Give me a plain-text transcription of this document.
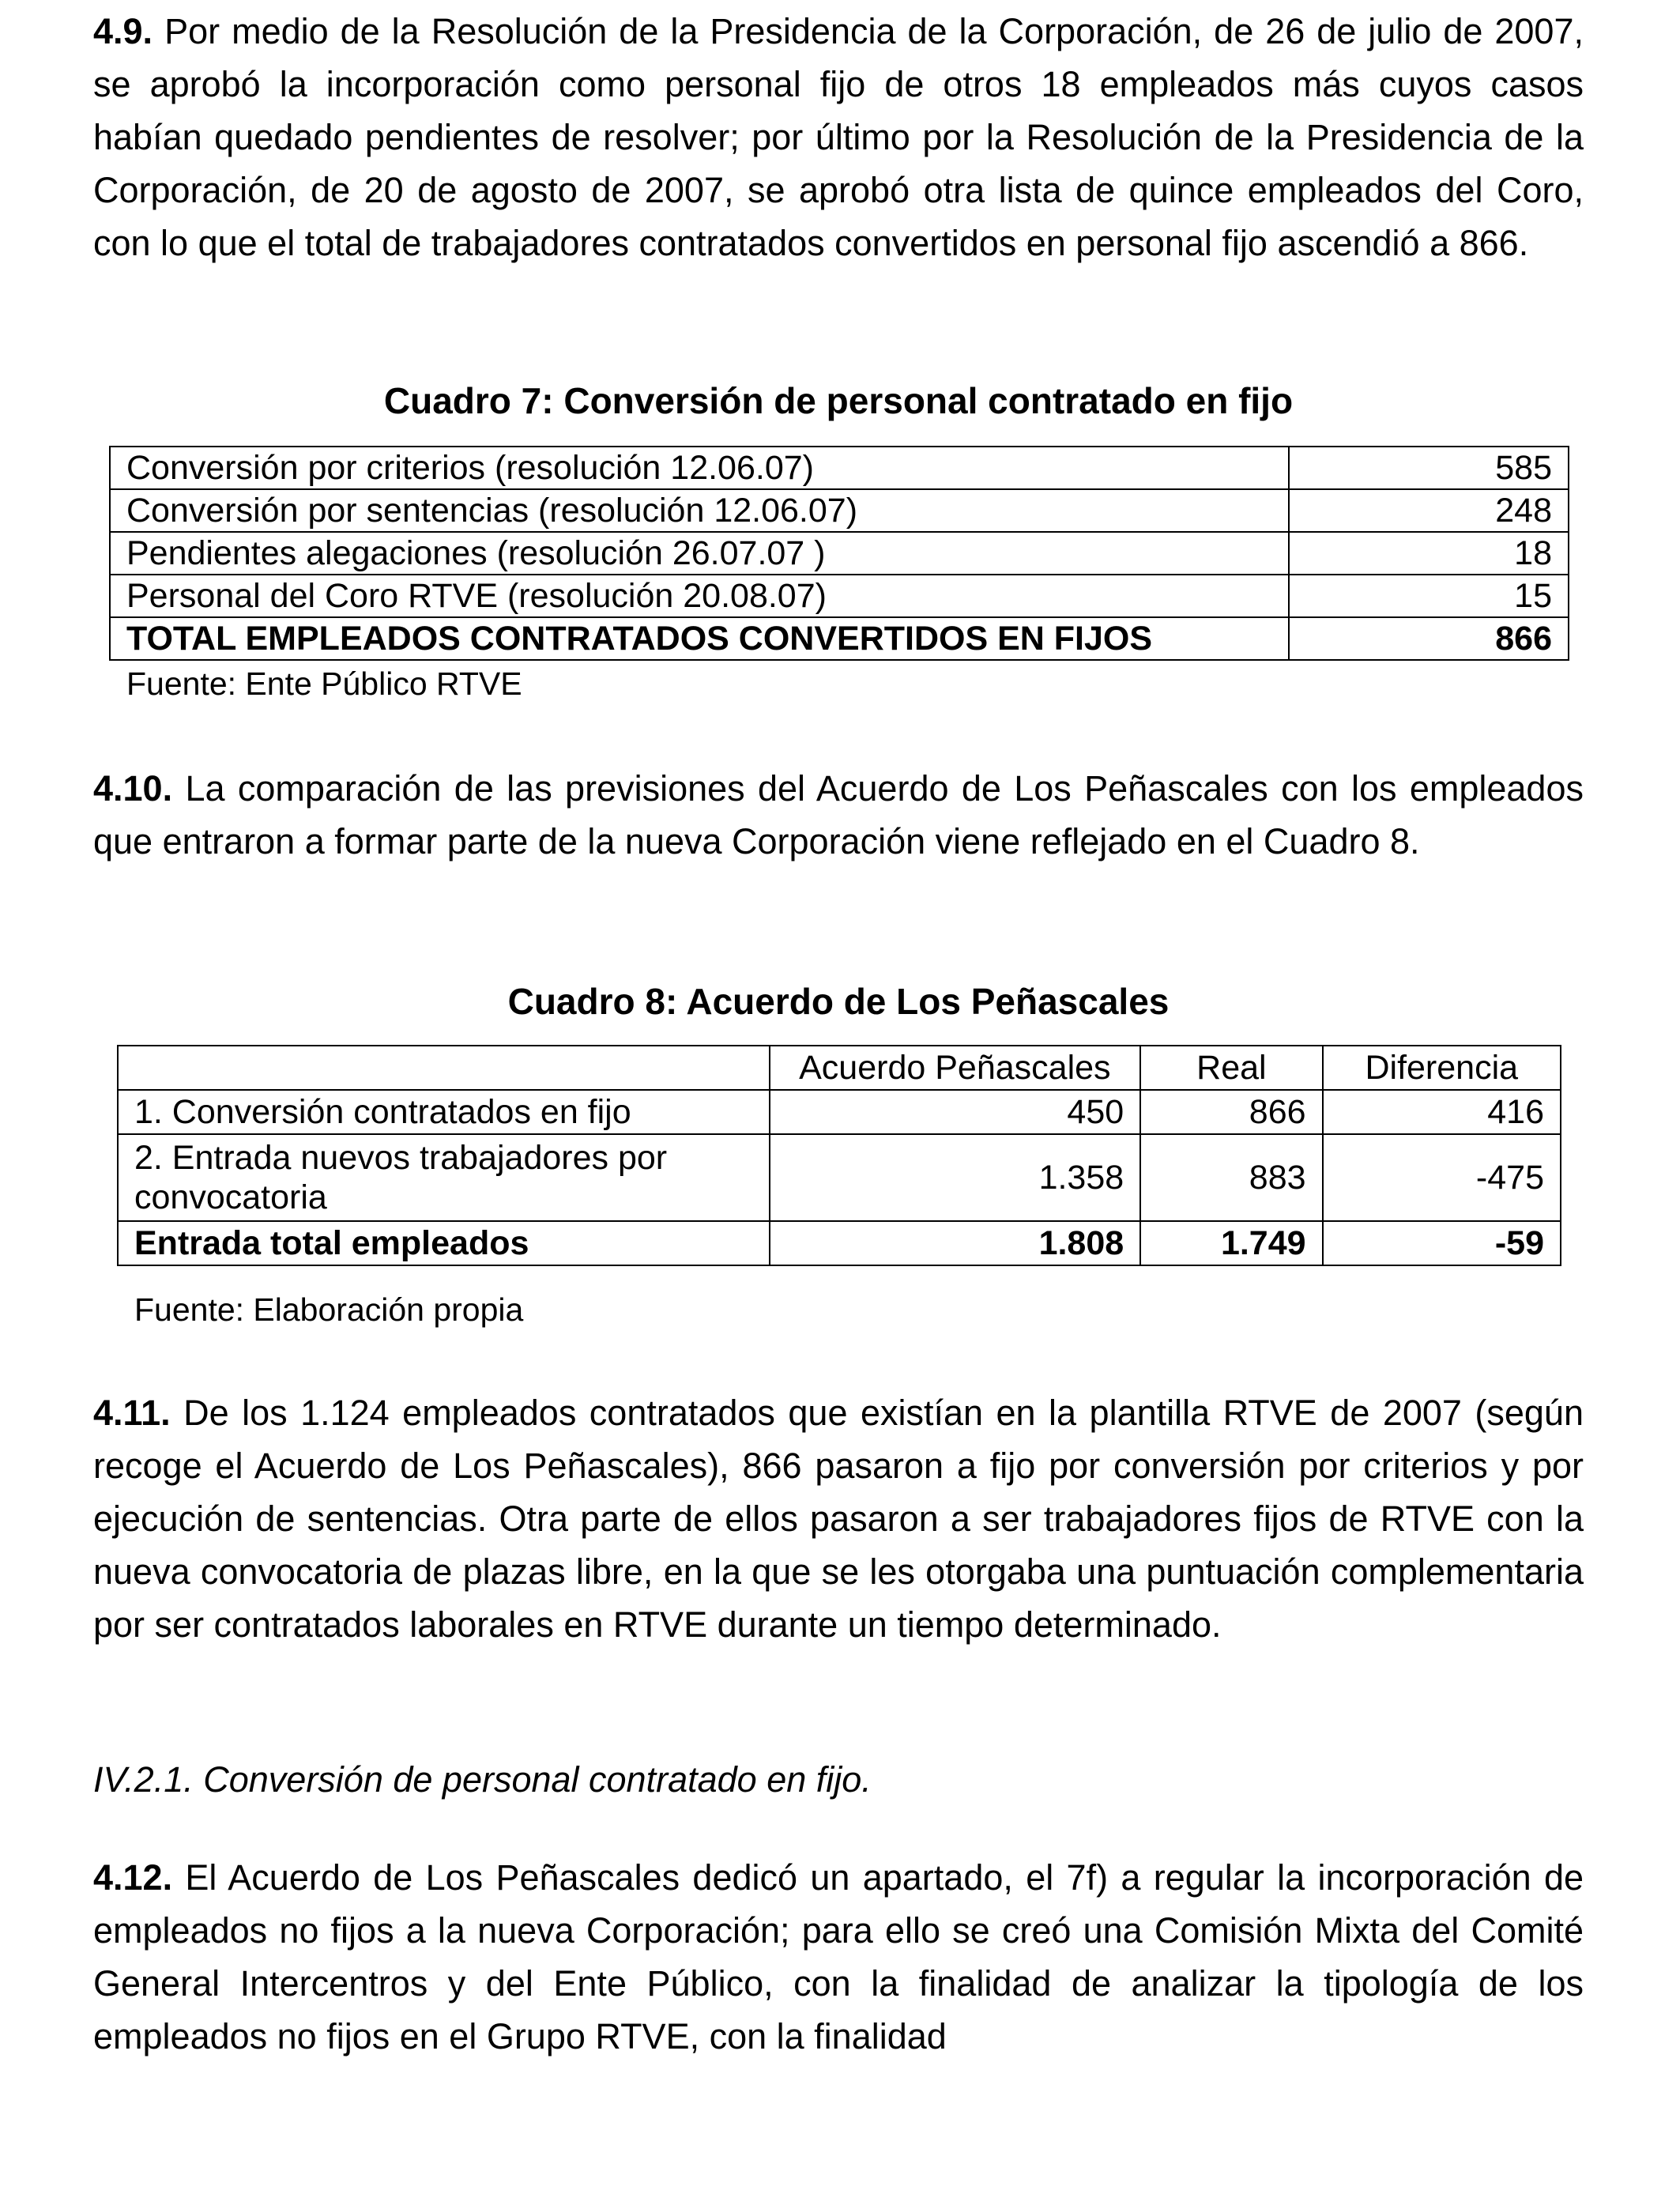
4.9. Por medio de la Resolución de la Presidencia de la Corporación, de 26 de julio de 2007, se aprobó la incorporación como personal fijo de otros 18 empleados más cuyos casos habían quedado pendientes de resolver; por último por la Resolución de la Presidencia de la Corporación, de 20 de agosto de 2007, se aprobó otra lista de quince empleados del Coro, con lo que el total de trabajadores contratados convertidos en personal fijo ascendió a 866.
Cuadro 7: Conversión de personal contratado en fijo
Conversión por criterios (resolución 12.06.07)	585
Conversión por sentencias (resolución 12.06.07)	248
Pendientes alegaciones (resolución 26.07.07 )	18
Personal del Coro RTVE (resolución 20.08.07)	15
TOTAL EMPLEADOS CONTRATADOS CONVERTIDOS EN FIJOS	866
Fuente: Ente Público RTVE
4.10. La comparación de las previsiones del Acuerdo de Los Peñascales con los empleados que entraron a formar parte de la nueva Corporación viene reflejado en el Cuadro 8.
Cuadro 8: Acuerdo de Los Peñascales
	Acuerdo Peñascales	Real	Diferencia
1. Conversión contratados en fijo	450	866	416
2. Entrada nuevos trabajadores por convocatoria	1.358	883	-475
Entrada total empleados	1.808	1.749	-59
Fuente: Elaboración propia
4.11. De los 1.124 empleados contratados que existían en la plantilla RTVE de 2007 (según recoge el Acuerdo de Los Peñascales), 866 pasaron a fijo por conversión por criterios y por ejecución de sentencias. Otra parte de ellos pasaron a ser trabajadores fijos de RTVE con la nueva convocatoria de plazas libre, en la que se les otorgaba una puntuación complementaria por ser contratados laborales en RTVE durante un tiempo determinado.
IV.2.1. Conversión de personal contratado en fijo.
4.12. El Acuerdo de Los Peñascales dedicó un apartado, el 7f) a regular la incorporación de empleados no fijos a la nueva Corporación; para ello se creó una Comisión Mixta del Comité General Intercentros y del Ente Público, con la finalidad de analizar la tipología de los empleados no fijos en el Grupo RTVE, con la finalidad
